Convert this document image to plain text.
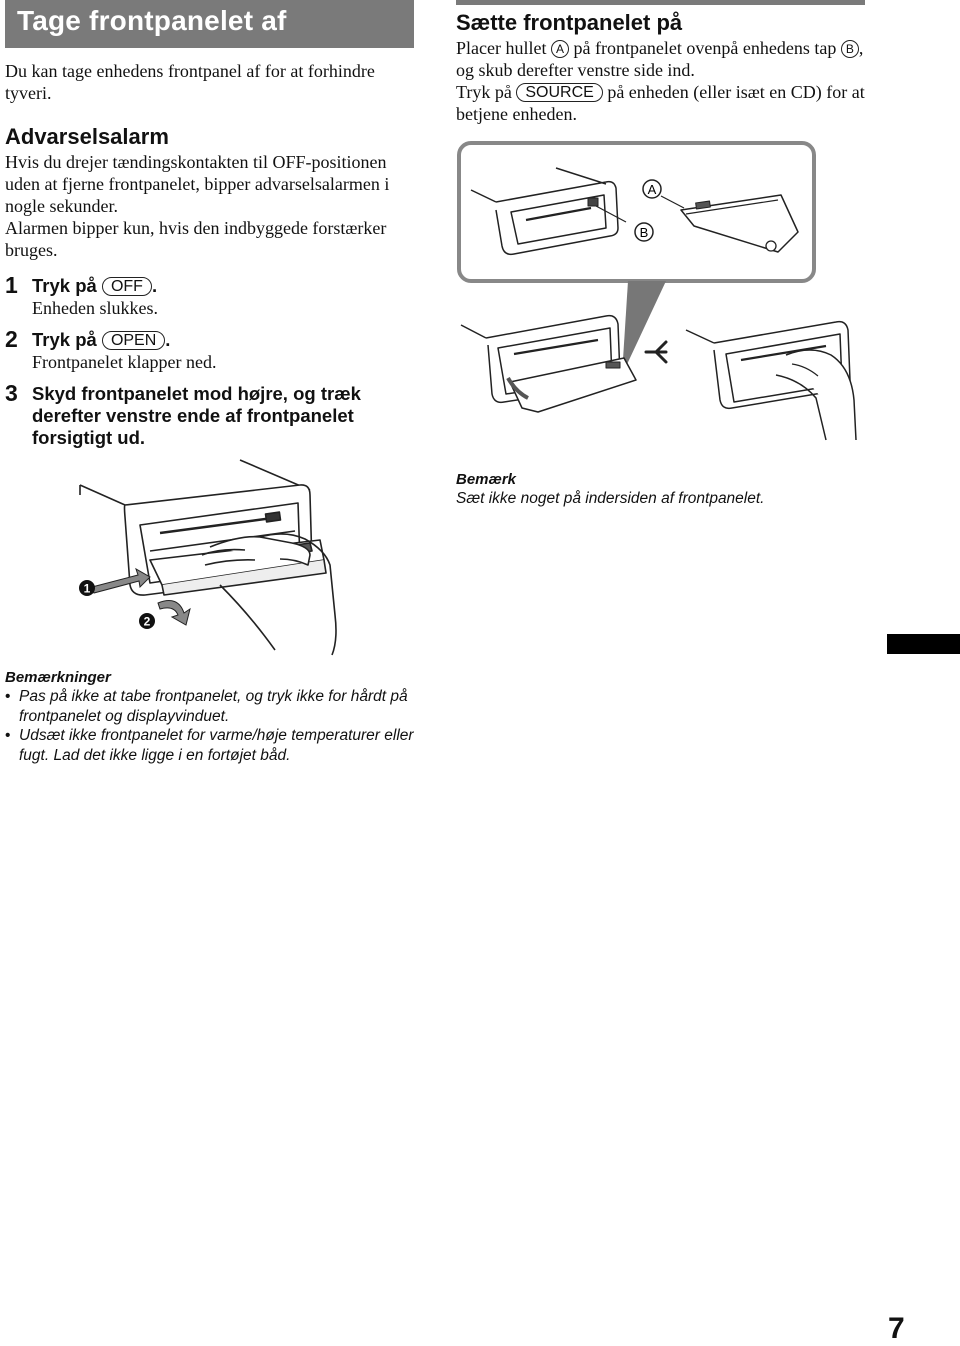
Tage frontpanelet af

Du kan tage enhedens frontpanel af for at forhindre tyveri.

Advarselsalarm

Hvis du drejer tændingskontakten til OFF-positionen uden at fjerne frontpanelet, bipper advarselsalarmen i nogle sekunder.

Alarmen bipper kun, hvis den indbyggede forstærker bruges.

1 Tryk på OFF .
Enheden slukkes.
2 Tryk på OPEN .
Frontpanelet klapper ned.
3 Skyd frontpanelet mod højre, og træk derefter venstre ende af frontpanelet forsigtigt ud.
1
2
Bemærkninger
• Pas på ikke at tabe frontpanelet, og tryk ikke for hårdt på frontpanelet og displayvinduet.
• Udsæt ikke frontpanelet for varme/høje temperaturer eller fugt. Lad det ikke ligge i en fortøjet båd.

Sætte frontpanelet på

Placer hullet A på frontpanelet ovenpå enhedens tap B , og skub derefter venstre side ind.

Tryk på SOURCE på enheden (eller isæt en CD) for at betjene enheden.

A
B
Bemærk
Sæt ikke noget på indersiden af frontpanelet.
7
